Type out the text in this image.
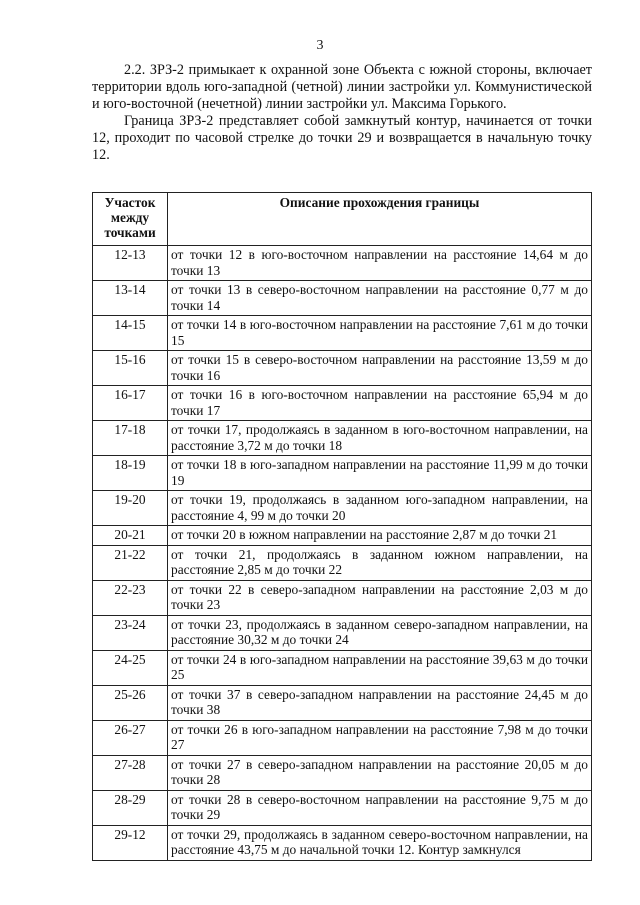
3

2.2. ЗРЗ-2 примыкает к охранной зоне Объекта с южной стороны, включает территории вдоль юго-западной (четной) линии застройки ул. Коммунистической и юго-восточной (нечетной) линии застройки ул. Максима Горького.

Граница ЗРЗ-2 представляет собой замкнутый контур, начинается от точки 12, проходит по часовой стрелке до точки 29 и возвращается в начальную точку 12.

Участок между точками	Описание прохождения границы
12-13	от точки 12 в юго-восточном направлении на расстояние 14,64 м до точки 13
13-14	от точки 13 в северо-восточном направлении на расстояние 0,77 м до точки 14
14-15	от точки 14 в юго-восточном направлении на расстояние 7,61 м до точки 15
15-16	от точки 15 в северо-восточном направлении на расстояние 13,59 м до точки 16
16-17	от точки 16 в юго-восточном направлении на расстояние 65,94 м до точки 17
17-18	от точки 17, продолжаясь в заданном в юго-восточном направлении, на расстояние 3,72 м до точки 18
18-19	от точки 18 в юго-западном направлении на расстояние 11,99 м до точки 19
19-20	от точки 19, продолжаясь в заданном юго-западном направлении, на расстояние 4, 99 м до точки 20
20-21	от точки 20 в южном направлении на расстояние 2,87 м до точки 21
21-22	от точки 21, продолжаясь в заданном южном направлении, на расстояние 2,85 м до точки 22
22-23	от точки 22 в северо-западном направлении на расстояние 2,03 м до точки 23
23-24	от точки 23, продолжаясь в заданном северо-западном направлении, на расстояние 30,32 м до точки 24
24-25	от точки 24 в юго-западном направлении на расстояние 39,63 м до точки 25
25-26	от точки 37 в северо-западном направлении на расстояние 24,45 м до точки 38
26-27	от точки 26 в юго-западном направлении на расстояние 7,98 м до точки 27
27-28	от точки 27 в северо-западном направлении на расстояние 20,05 м до точки 28
28-29	от точки 28 в северо-восточном направлении на расстояние 9,75 м до точки 29
29-12	от точки 29, продолжаясь в заданном северо-восточном направлении, на расстояние 43,75 м до начальной точки 12. Контур замкнулся
